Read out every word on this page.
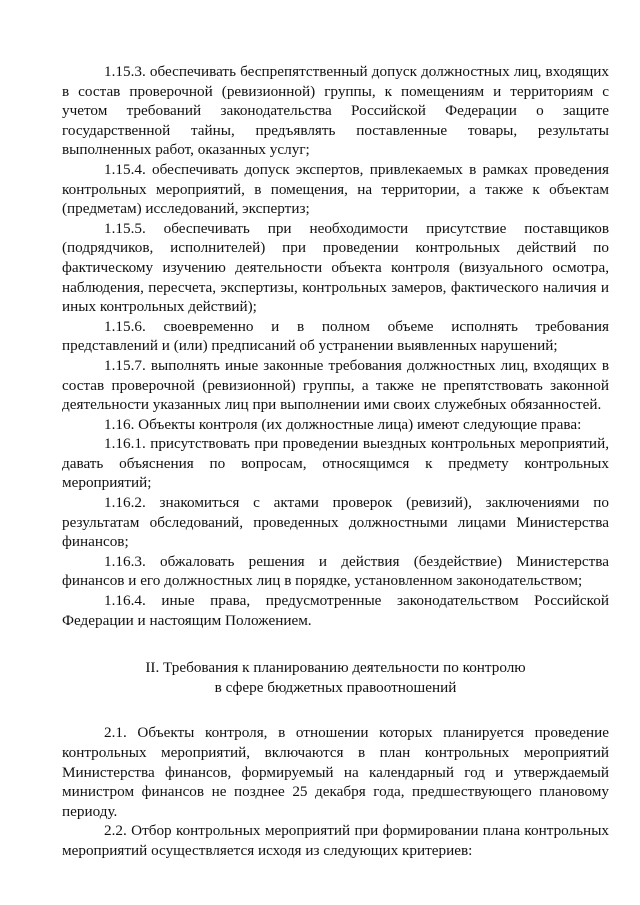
1.15.3. обеспечивать беспрепятственный допуск должностных лиц, входящих в состав проверочной (ревизионной) группы, к помещениям и территориям с учетом требований законодательства Российской Федерации о защите государственной тайны, предъявлять поставленные товары, результаты выполненных работ, оказанных услуг;

1.15.4. обеспечивать допуск экспертов, привлекаемых в рамках проведения контрольных мероприятий, в помещения, на территории, а также к объектам (предметам) исследований, экспертиз;

1.15.5. обеспечивать при необходимости присутствие поставщиков (подрядчиков, исполнителей) при проведении контрольных действий по фактическому изучению деятельности объекта контроля (визуального осмотра, наблюдения, пересчета, экспертизы, контрольных замеров, фактического наличия и иных контрольных действий);

1.15.6. своевременно и в полном объеме исполнять требования представлений и (или) предписаний об устранении выявленных нарушений;

1.15.7. выполнять иные законные требования должностных лиц, входящих в состав проверочной (ревизионной) группы, а также не препятствовать законной деятельности указанных лиц при выполнении ими своих служебных обязанностей.

1.16. Объекты контроля (их должностные лица) имеют следующие права:

1.16.1. присутствовать при проведении выездных контрольных мероприятий, давать объяснения по вопросам, относящимся к предмету контрольных мероприятий;

1.16.2. знакомиться с актами проверок (ревизий), заключениями по результатам обследований, проведенных должностными лицами Министерства финансов;

1.16.3. обжаловать решения и действия (бездействие) Министерства финансов и его должностных лиц в порядке, установленном законодательством;

1.16.4. иные права, предусмотренные законодательством Российской Федерации и настоящим Положением.

II. Требования к планированию деятельности по контролю
в сфере бюджетных правоотношений

2.1. Объекты контроля, в отношении которых планируется проведение контрольных мероприятий, включаются в план контрольных мероприятий Министерства финансов, формируемый на календарный год и утверждаемый министром финансов не позднее 25 декабря года, предшествующего плановому периоду.

2.2. Отбор контрольных мероприятий при формировании плана контрольных мероприятий осуществляется исходя из следующих критериев:
